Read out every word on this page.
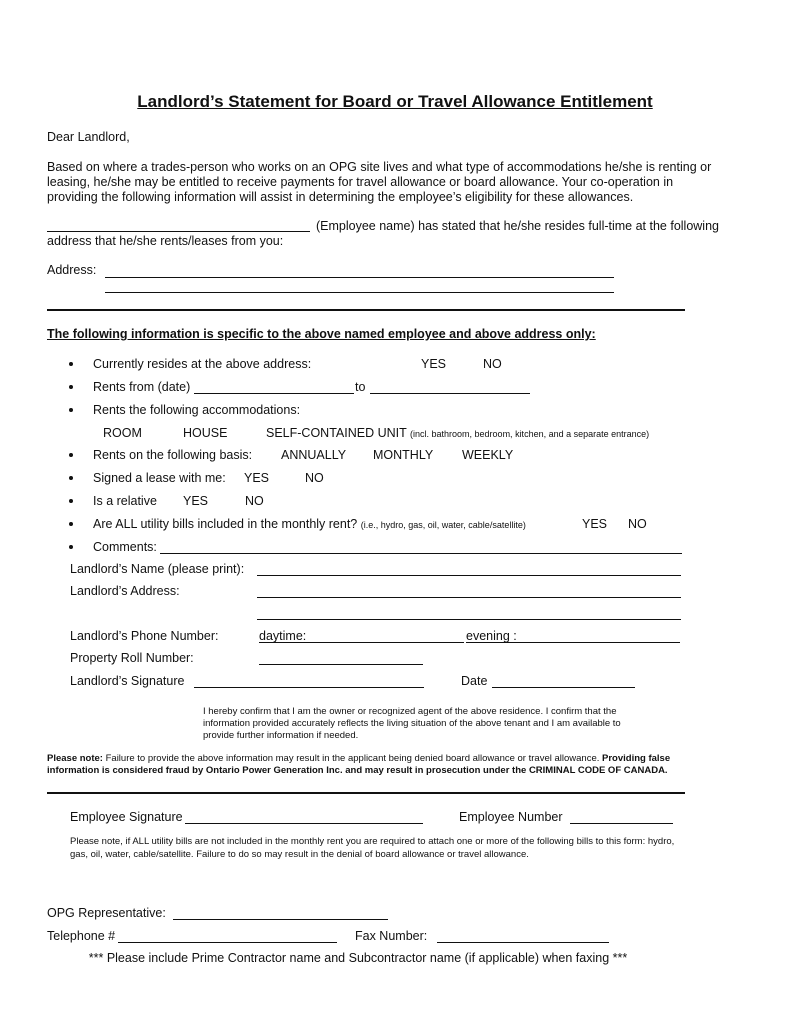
Landlord’s Statement for Board or Travel Allowance Entitlement
Dear Landlord,
Based on where a trades-person who works on an OPG site lives and what type of accommodations he/she is renting or
leasing, he/she may be entitled to receive payments for travel allowance or board allowance. Your co-operation in
providing the following information will assist in determining the employee’s eligibility for these allowances.
(Employee name) has stated that he/she resides full-time at the following
address that he/she rents/leases from you:
Address:
The following information is specific to the above named employee and above address only:
Currently resides at the above address:	YES	NO
Rents from (date)	to
Rents the following accommodations:
ROOM	HOUSE	SELF-CONTAINED UNIT (incl. bathroom, bedroom, kitchen, and a separate entrance)
Rents on the following basis: ANNUALLY MONTHLY WEEKLY
Signed a lease with me: YES	NO
Is a relative YES	NO
Are ALL utility bills included in the monthly rent? (i.e., hydro, gas, oil, water, cable/satellite)	YES NO
Comments:
Landlord’s Name (please print):
Landlord’s Address:
Landlord’s Phone Number:	daytime:	evening :
Property Roll Number:
Landlord’s Signature	Date
I hereby confirm that I am the owner or recognized agent of the above residence. I confirm that the
information provided accurately reflects the living situation of the above tenant and I am available to
provide further information if needed.
Please note: Failure to provide the above information may result in the applicant being denied board allowance or travel allowance. Providing false
information is considered fraud by Ontario Power Generation Inc. and may result in prosecution under the CRIMINAL CODE OF CANADA.
Employee Signature	Employee Number
Please note, if ALL utility bills are not included in the monthly rent you are required to attach one or more of the following bills to this form: hydro,
gas, oil, water, cable/satellite. Failure to do so may result in the denial of board allowance or travel allowance.
OPG Representative:
Telephone #	Fax Number:
*** Please include Prime Contractor name and Subcontractor name (if applicable) when faxing ***
